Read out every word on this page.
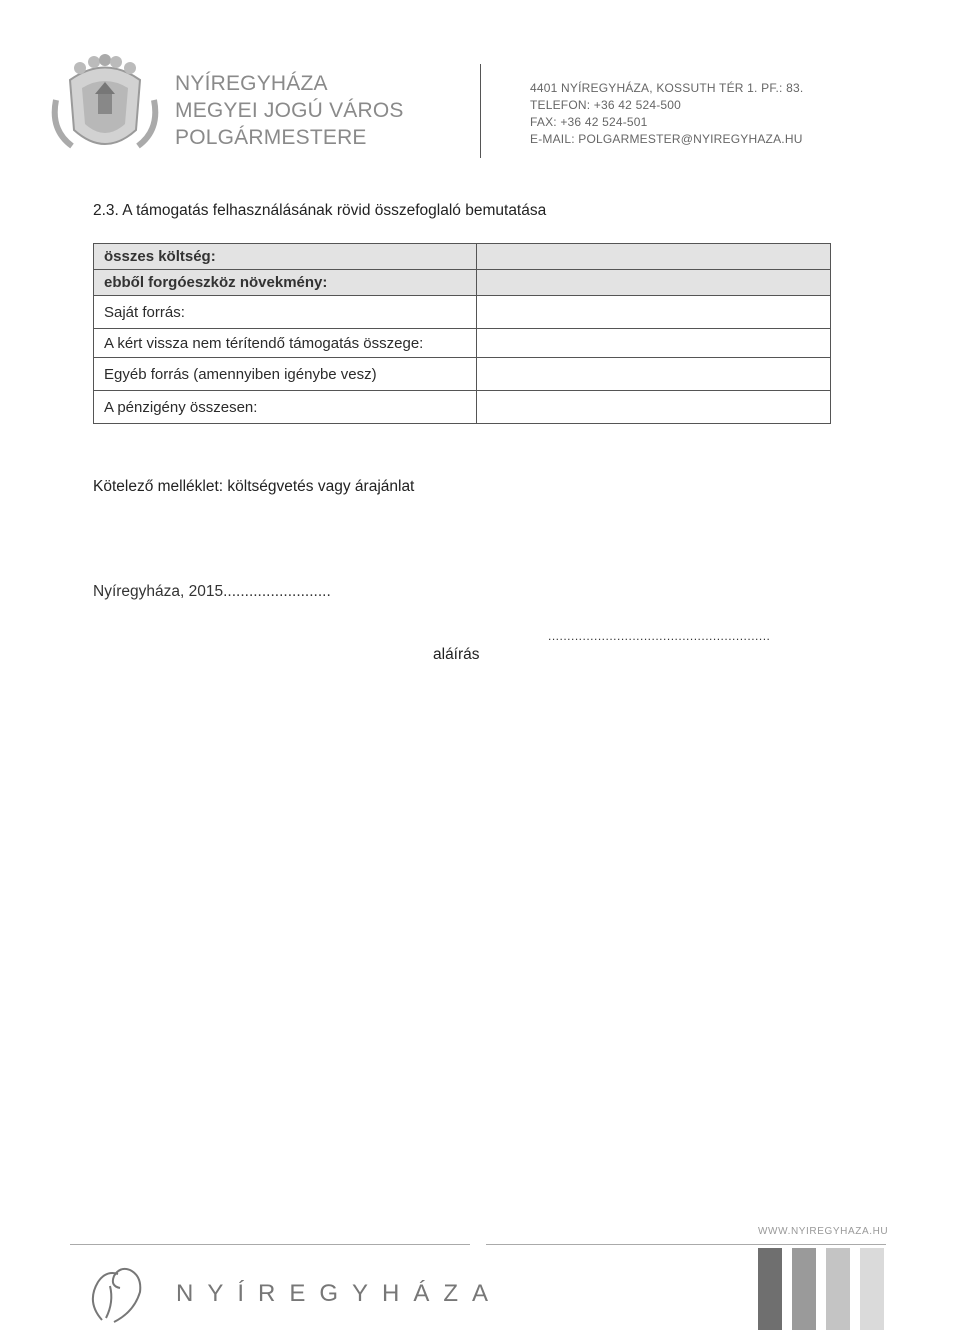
NYÍREGYHÁZA
MEGYEI JOGÚ VÁROS
POLGÁRMESTERE
4401 NYÍREGYHÁZA, KOSSUTH TÉR 1. PF.: 83.
TELEFON: +36 42 524-500
FAX: +36 42 524-501
E-MAIL: POLGARMESTER@NYIREGYHAZA.HU
2.3. A támogatás felhasználásának rövid összefoglaló bemutatása
összes költség:	
ebből forgóeszköz növekmény:	
Saját forrás:	
A kért vissza nem térítendő támogatás összege:	
Egyéb forrás (amennyiben igénybe vesz)	
A pénzigény összesen:	
Kötelező melléklet: költségvetés vagy árajánlat
Nyíregyháza, 2015.........................
..........................................................
aláírás
WWW.NYIREGYHAZA.HU
NYÍREGYHÁZA
